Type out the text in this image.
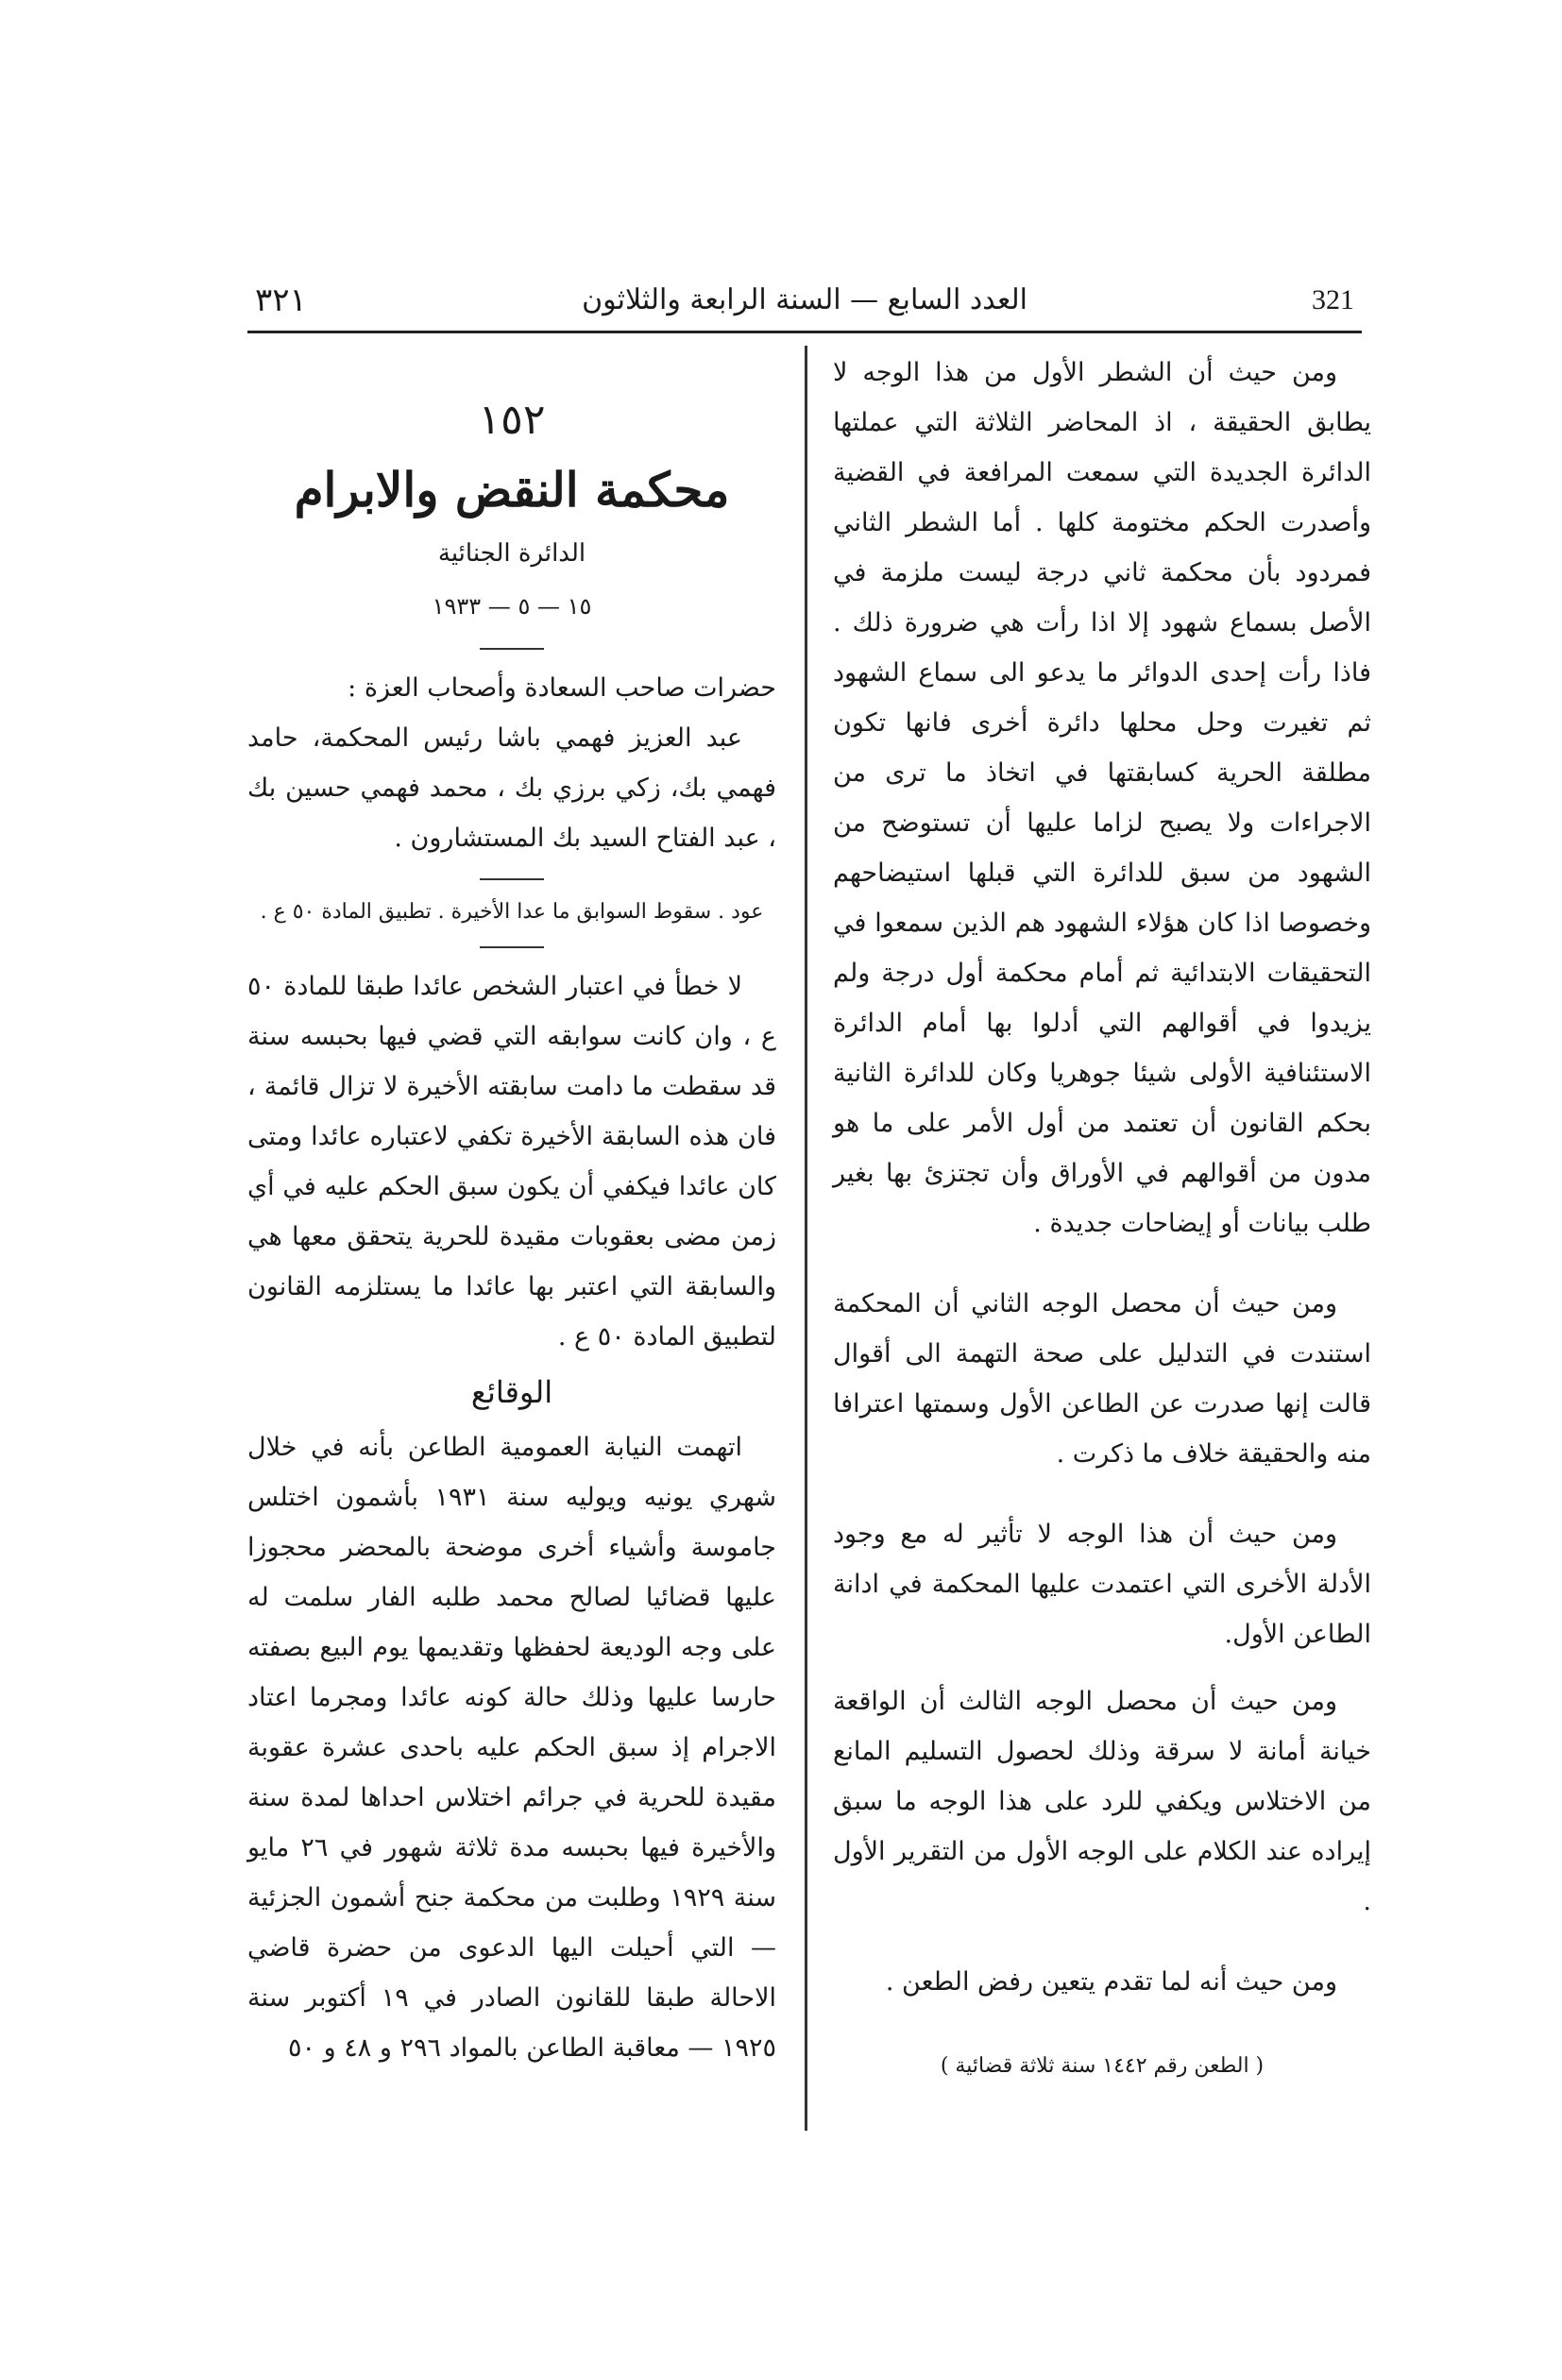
٣٢١	العدد السابع — السنة الرابعة والثلاثون	321

ومن حيث أن الشطر الأول من هذا الوجه لا يطابق الحقيقة ، اذ المحاضر الثلاثة التي عملتها الدائرة الجديدة التي سمعت المرافعة في القضية وأصدرت الحكم مختومة كلها . أما الشطر الثاني فمردود بأن محكمة ثاني درجة ليست ملزمة في الأصل بسماع شهود إلا اذا رأت هي ضرورة ذلك . فاذا رأت إحدى الدوائر ما يدعو الى سماع الشهود ثم تغيرت وحل محلها دائرة أخرى فانها تكون مطلقة الحرية كسابقتها في اتخاذ ما ترى من الاجراءات ولا يصبح لزاما عليها أن تستوضح من الشهود من سبق للدائرة التي قبلها استيضاحهم وخصوصا اذا كان هؤلاء الشهود هم الذين سمعوا في التحقيقات الابتدائية ثم أمام محكمة أول درجة ولم يزيدوا في أقوالهم التي أدلوا بها أمام الدائرة الاستئنافية الأولى شيئا جوهريا وكان للدائرة الثانية بحكم القانون أن تعتمد من أول الأمر على ما هو مدون من أقوالهم في الأوراق وأن تجتزئ بها بغير طلب بيانات أو إيضاحات جديدة .

ومن حيث أن محصل الوجه الثاني أن المحكمة استندت في التدليل على صحة التهمة الى أقوال قالت إنها صدرت عن الطاعن الأول وسمتها اعترافا منه والحقيقة خلاف ما ذكرت .

ومن حيث أن هذا الوجه لا تأثير له مع وجود الأدلة الأخرى التي اعتمدت عليها المحكمة في ادانة الطاعن الأول.

ومن حيث أن محصل الوجه الثالث أن الواقعة خيانة أمانة لا سرقة وذلك لحصول التسليم المانع من الاختلاس ويكفي للرد على هذا الوجه ما سبق إيراده عند الكلام على الوجه الأول من التقرير الأول .

ومن حيث أنه لما تقدم يتعين رفض الطعن .

( الطعن رقم ١٤٤٢ سنة ثلاثة قضائية )

١٥٢

محكمة النقض والابرام

الدائرة الجنائية

١٥ — ٥ — ١٩٣٣

حضرات صاحب السعادة وأصحاب العزة :

عبد العزيز فهمي باشا رئيس المحكمة، حامد فهمي بك، زكي برزي بك ، محمد فهمي حسين بك ، عبد الفتاح السيد بك المستشارون .

عود . سقوط السوابق ما عدا الأخيرة . تطبيق المادة ٥٠ ع .

لا خطأ في اعتبار الشخص عائدا طبقا للمادة ٥٠ ع ، وان كانت سوابقه التي قضي فيها بحبسه سنة قد سقطت ما دامت سابقته الأخيرة لا تزال قائمة ، فان هذه السابقة الأخيرة تكفي لاعتباره عائدا ومتى كان عائدا فيكفي أن يكون سبق الحكم عليه في أي زمن مضى بعقوبات مقيدة للحرية يتحقق معها هي والسابقة التي اعتبر بها عائدا ما يستلزمه القانون لتطبيق المادة ٥٠ ع .

الوقائع

اتهمت النيابة العمومية الطاعن بأنه في خلال شهري يونيه ويوليه سنة ١٩٣١ بأشمون اختلس جاموسة وأشياء أخرى موضحة بالمحضر محجوزا عليها قضائيا لصالح محمد طلبه الفار سلمت له على وجه الوديعة لحفظها وتقديمها يوم البيع بصفته حارسا عليها وذلك حالة كونه عائدا ومجرما اعتاد الاجرام إذ سبق الحكم عليه باحدى عشرة عقوبة مقيدة للحرية في جرائم اختلاس احداها لمدة سنة والأخيرة فيها بحبسه مدة ثلاثة شهور في ٢٦ مايو سنة ١٩٢٩ وطلبت من محكمة جنح أشمون الجزئية — التي أحيلت اليها الدعوى من حضرة قاضي الاحالة طبقا للقانون الصادر في ١٩ أكتوبر سنة ١٩٢٥ — معاقبة الطاعن بالمواد ٢٩٦ و ٤٨ و ٥٠
